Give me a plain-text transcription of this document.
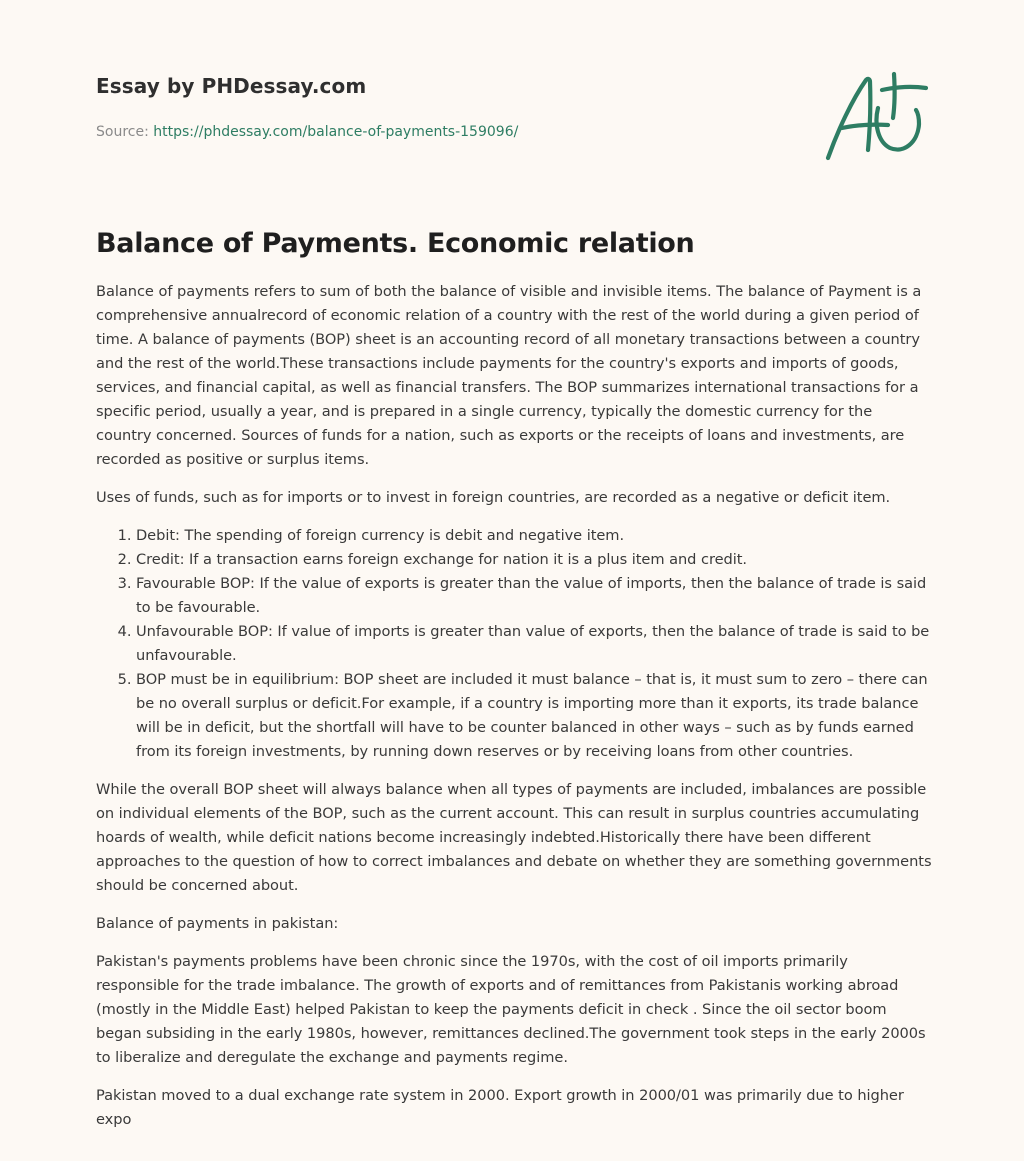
Essay by PHDessay.com

Source: https://phdessay.com/balance-of-payments-159096/
Balance of Payments. Economic relation

Balance of payments refers to sum of both the balance of visible and invisible items. The balance of Payment is a comprehensive annualrecord of economic relation of a country with the rest of the world during a given period of time. A balance of payments (BOP) sheet is an accounting record of all monetary transactions between a country and the rest of the world.These transactions include payments for the country's exports and imports of goods, services, and financial capital, as well as financial transfers. The BOP summarizes international transactions for a specific period, usually a year, and is prepared in a single currency, typically the domestic currency for the country concerned. Sources of funds for a nation, such as exports or the receipts of loans and investments, are recorded as positive or surplus items.

Uses of funds, such as for imports or to invest in foreign countries, are recorded as a negative or deficit item.

1. Debit: The spending of foreign currency is debit and negative item.
2. Credit: If a transaction earns foreign exchange for nation it is a plus item and credit.
3. Favourable BOP: If the value of exports is greater than the value of imports, then the balance of trade is said to be favourable.
4. Unfavourable BOP: If value of imports is greater than value of exports, then the balance of trade is said to be unfavourable.
5. BOP must be in equilibrium: BOP sheet are included it must balance – that is, it must sum to zero – there can be no overall surplus or deficit.For example, if a country is importing more than it exports, its trade balance will be in deficit, but the shortfall will have to be counter balanced in other ways – such as by funds earned from its foreign investments, by running down reserves or by receiving loans from other countries.

While the overall BOP sheet will always balance when all types of payments are included, imbalances are possible on individual elements of the BOP, such as the current account. This can result in surplus countries accumulating hoards of wealth, while deficit nations become increasingly indebted.Historically there have been different approaches to the question of how to correct imbalances and debate on whether they are something governments should be concerned about.

Balance of payments in pakistan:

Pakistan's payments problems have been chronic since the 1970s, with the cost of oil imports primarily responsible for the trade imbalance. The growth of exports and of remittances from Pakistanis working abroad (mostly in the Middle East) helped Pakistan to keep the payments deficit in check . Since the oil sector boom began subsiding in the early 1980s, however, remittances declined.The government took steps in the early 2000s to liberalize and deregulate the exchange and payments regime.

Pakistan moved to a dual exchange rate system in 2000. Export growth in 2000/01 was primarily due to higher expo
